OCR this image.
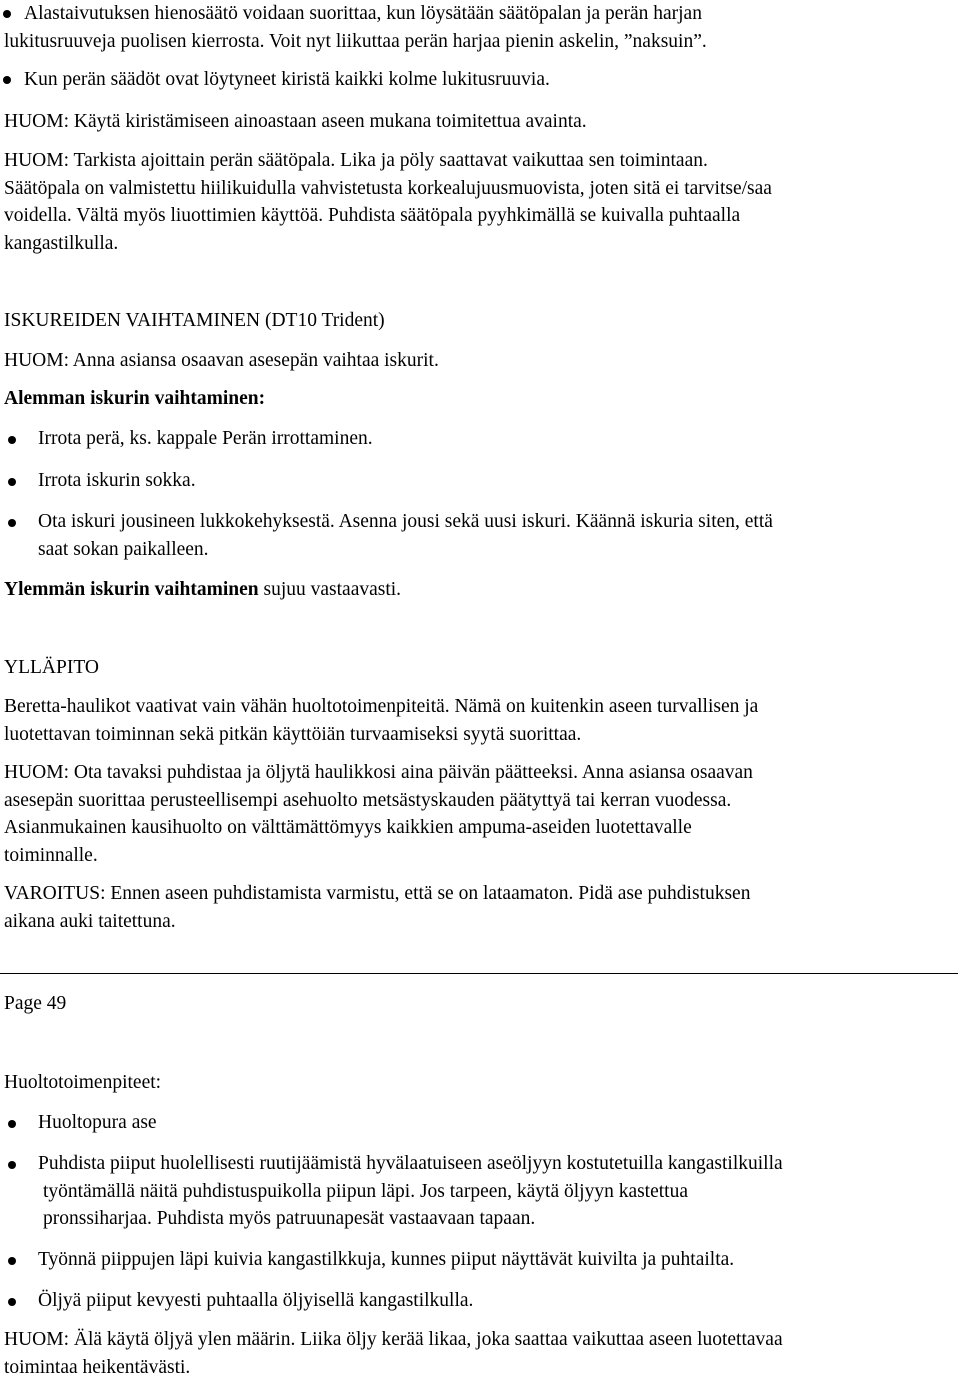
Alastaivutuksen hienosäätö voidaan suorittaa, kun löysätään säätöpalan ja perän harjan
lukitusruuveja puolisen kierrosta. Voit nyt liikuttaa perän harjaa pienin askelin, ”naksuin”.

Kun perän säädöt ovat löytyneet kiristä kaikki kolme lukitusruuvia.

HUOM: Käytä kiristämiseen ainoastaan aseen mukana toimitettua avainta.

HUOM: Tarkista ajoittain perän säätöpala. Lika ja pöly saattavat vaikuttaa sen toimintaan.
Säätöpala on valmistettu hiilikuidulla vahvistetusta korkealujuusmuovista, joten sitä ei tarvitse/saa
voidella. Vältä myös liuottimien käyttöä. Puhdista säätöpala pyyhkimällä se kuivalla puhtaalla
kangastilkulla.

ISKUREIDEN VAIHTAMINEN (DT10 Trident)

HUOM: Anna asiansa osaavan asesepän vaihtaa iskurit.

Alemman iskurin vaihtaminen:

Irrota perä, ks. kappale Perän irrottaminen.

Irrota iskurin sokka.

Ota iskuri jousineen lukkokehyksestä. Asenna jousi sekä uusi iskuri. Käännä iskuria siten, että
saat sokan paikalleen.

Ylemmän iskurin vaihtaminen sujuu vastaavasti.

YLLÄPITO

Beretta-haulikot vaativat vain vähän huoltotoimenpiteitä. Nämä on kuitenkin aseen turvallisen ja
luotettavan toiminnan sekä pitkän käyttöiän turvaamiseksi syytä suorittaa.

HUOM: Ota tavaksi puhdistaa ja öljytä haulikkosi aina päivän päätteeksi. Anna asiansa osaavan
asesepän suorittaa perusteellisempi asehuolto metsästyskauden päätyttyä tai kerran vuodessa.
Asianmukainen kausihuolto on välttämättömyys kaikkien ampuma-aseiden luotettavalle
toiminnalle.

VAROITUS: Ennen aseen puhdistamista varmistu, että se on lataamaton. Pidä ase puhdistuksen
aikana auki taitettuna.

Page 49

Huoltotoimenpiteet:

Huoltopura ase

Puhdista piiput huolellisesti ruutijäämistä hyvälaatuiseen aseöljyyn kostutetuilla kangastilkuilla
työntämällä näitä puhdistuspuikolla piipun läpi. Jos tarpeen, käytä öljyyn kastettua
pronssiharjaa. Puhdista myös patruunapesät vastaavaan tapaan.

Työnnä piippujen läpi kuivia kangastilkkuja, kunnes piiput näyttävät kuivilta ja puhtailta.

Öljyä piiput kevyesti puhtaalla öljyisellä kangastilkulla.

HUOM: Älä käytä öljyä ylen määrin. Liika öljy kerää likaa, joka saattaa vaikuttaa aseen luotettavaa
toimintaa heikentävästi.
